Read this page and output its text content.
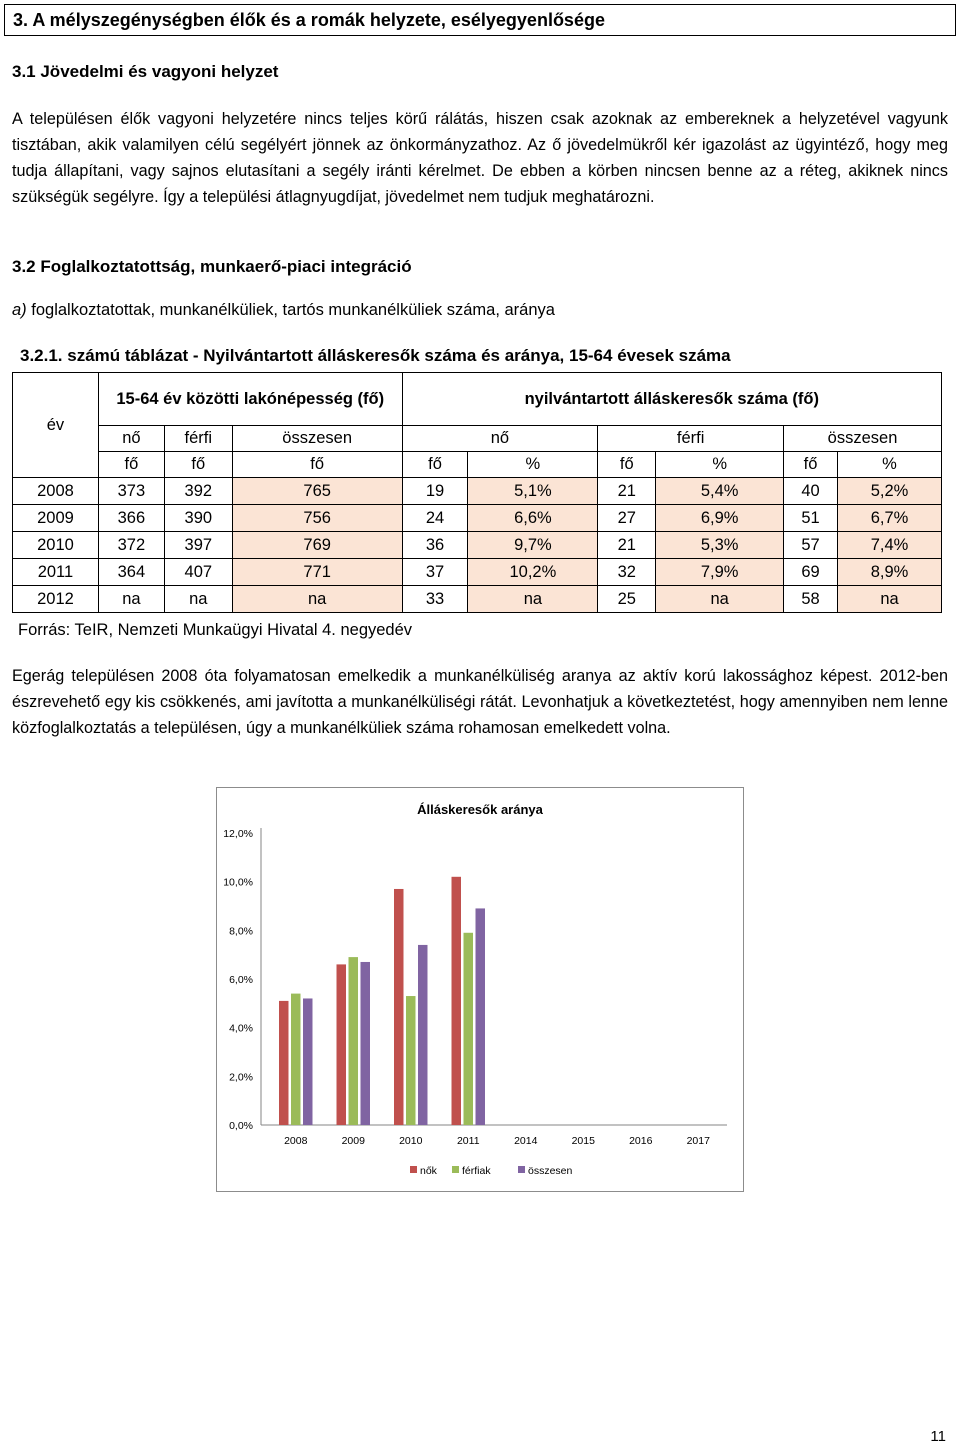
3. A mélyszegénységben élők és a romák helyzete, esélyegyenlősége
3.1 Jövedelmi és vagyoni helyzet

A településen élők vagyoni helyzetére nincs teljes körű rálátás, hiszen csak azoknak az embereknek a helyzetével vagyunk tisztában, akik valamilyen célú segélyért jönnek az önkormányzathoz. Az ő jövedelmükről kér igazolást az ügyintéző, hogy meg tudja állapítani, vagy sajnos elutasítani a segély iránti kérelmet. De ebben a körben nincsen benne az a réteg, akiknek nincs szükségük segélyre. Így a települési átlagnyugdíjat, jövedelmet nem tudjuk meghatározni.

3.2 Foglalkoztatottság, munkaerő-piaci integráció
a) foglalkoztatottak, munkanélküliek, tartós munkanélküliek száma, aránya
3.2.1. számú táblázat - Nyilvántartott álláskeresők száma és aránya, 15-64 évesek száma
év	15-64 év közötti lakónépesség (fő)			nyilvántartott álláskeresők száma (fő)					
	nő	férfi	összesen	nő		férfi		összesen	
	fő	fő	fő	fő	%	fő	%	fő	%
2008	373	392	765	19	5,1%	21	5,4%	40	5,2%
2009	366	390	756	24	6,6%	27	6,9%	51	6,7%
2010	372	397	769	36	9,7%	21	5,3%	57	7,4%
2011	364	407	771	37	10,2%	32	7,9%	69	8,9%
2012	na	na	na	33	na	25	na	58	na
Forrás: TeIR, Nemzeti Munkaügyi Hivatal 4. negyedév

Egerág településen 2008 óta folyamatosan emelkedik a munkanélküliség aranya az aktív korú lakossághoz képest. 2012-ben észrevehető egy kis csökkenés, ami javította a munkanélküliségi rátát. Levonhatjuk a következtetést, hogy amennyiben nem lenne közfoglalkoztatás a településen, úgy a munkanélküliek száma rohamosan emelkedett volna.

Álláskeresők aránya
0,0%
2,0%
4,0%
6,0%
8,0%
10,0%
12,0%
2008	2009	2010	2011	2014	2015	2016	2017
nők férfiak	összesen
11
